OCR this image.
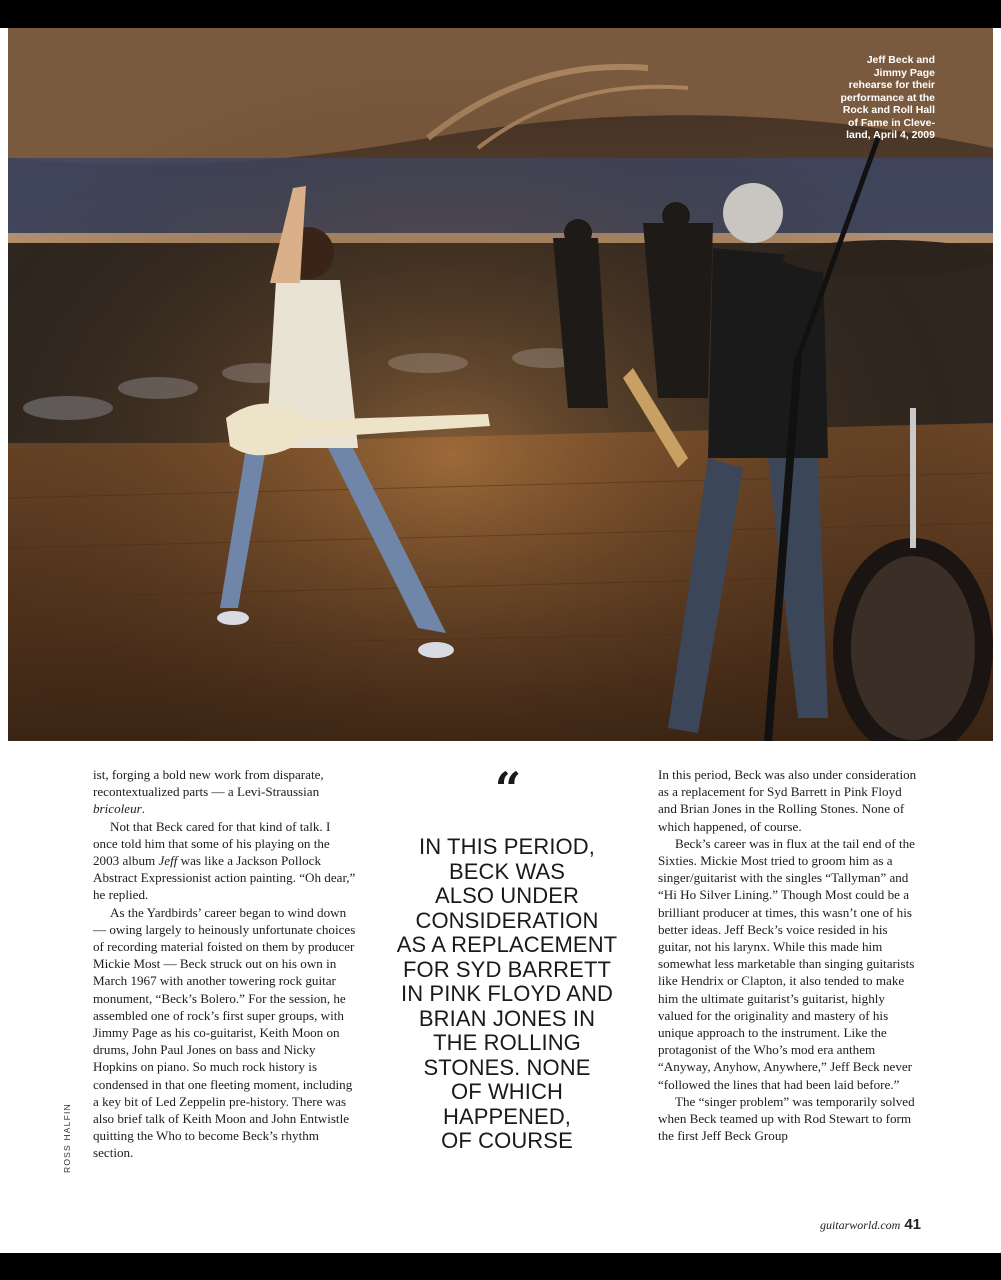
Jeff Beck and
Jimmy Page
rehearse for their
performance at the
Rock and Roll Hall
of Fame in Cleve-
land, April 4, 2009

ist, forging a bold new work from disparate, recontextualized parts — a Levi-Straussian bricoleur.

Not that Beck cared for that kind of talk. I once told him that some of his playing on the 2003 album Jeff was like a Jackson Pollock Abstract Expressionist action painting. “Oh dear,” he replied.

As the Yardbirds’ career began to wind down — owing largely to heinously unfortunate choices of recording material foisted on them by producer Mickie Most — Beck struck out on his own in March 1967 with another towering rock guitar monument, “Beck’s Bolero.” For the session, he assembled one of rock’s first super groups, with Jimmy Page as his co-guitarist, Keith Moon on drums, John Paul Jones on bass and Nicky Hopkins on piano. So much rock history is condensed in that one fleeting moment, including a key bit of Led Zeppelin pre-history. There was also brief talk of Keith Moon and John Entwistle quitting the Who to become Beck’s rhythm section.

“
IN THIS PERIOD,
BECK WAS
ALSO UNDER
CONSIDERATION
AS A REPLACEMENT
FOR SYD BARRETT
IN PINK FLOYD AND
BRIAN JONES IN
THE ROLLING
STONES. NONE
OF WHICH
HAPPENED,
OF COURSE

In this period, Beck was also under consideration as a replacement for Syd Barrett in Pink Floyd and Brian Jones in the Rolling Stones. None of which happened, of course.

Beck’s career was in flux at the tail end of the Sixties. Mickie Most tried to groom him as a singer/guitarist with the singles “Tallyman” and “Hi Ho Silver Lining.” Though Most could be a brilliant producer at times, this wasn’t one of his better ideas. Jeff Beck’s voice resided in his guitar, not his larynx. While this made him somewhat less marketable than singing guitarists like Hendrix or Clapton, it also tended to make him the ultimate guitarist’s guitarist, highly valued for the originality and mastery of his unique approach to the instrument. Like the protagonist of the Who’s mod era anthem “Anyway, Anyhow, Anywhere,” Jeff Beck never “followed the lines that had been laid before.”

The “singer problem” was temporarily solved when Beck teamed up with Rod Stewart to form the first Jeff Beck Group

ROSS HALFIN
guitarworld.com 41
